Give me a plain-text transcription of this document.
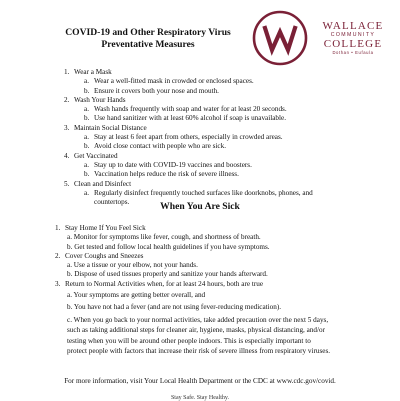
COVID-19 and Other Respiratory Virus
Preventative Measures
WALLACE
COMMUNITY
COLLEGE
Dothan • Eufaula
1. Wear a Mask
a. Wear a well-fitted mask in crowded or enclosed spaces.
b. Ensure it covers both your nose and mouth.
2. Wash Your Hands
a. Wash hands frequently with soap and water for at least 20 seconds.
b. Use hand sanitizer with at least 60% alcohol if soap is unavailable.
3. Maintain Social Distance
a. Stay at least 6 feet apart from others, especially in crowded areas.
b. Avoid close contact with people who are sick.
4. Get Vaccinated
a. Stay up to date with COVID-19 vaccines and boosters.
b. Vaccination helps reduce the risk of severe illness.
5. Clean and Disinfect
a. Regularly disinfect frequently touched surfaces like doorknobs, phones, and countertops.	When You Are Sick
1. Stay Home If You Feel Sick
a. Monitor for symptoms like fever, cough, and shortness of breath.
b. Get tested and follow local health guidelines if you have symptoms.
2. Cover Coughs and Sneezes
a. Use a tissue or your elbow, not your hands.
b. Dispose of used tissues properly and sanitize your hands afterward.
3. Return to Normal Activities when, for at least 24 hours, both are true
a. Your symptoms are getting better overall, and
b. You have not had a fever (and are not using fever-reducing medication).
c. When you go back to your normal activities, take added precaution over the next 5 days, such as taking additional steps for cleaner air, hygiene, masks, physical distancing, and/or testing when you will be around other people indoors. This is especially important to protect people with factors that increase their risk of severe illness from respiratory viruses.
For more information, visit Your Local Health Department or the CDC at www.cdc.gov/covid.
Stay Safe. Stay Healthy.
